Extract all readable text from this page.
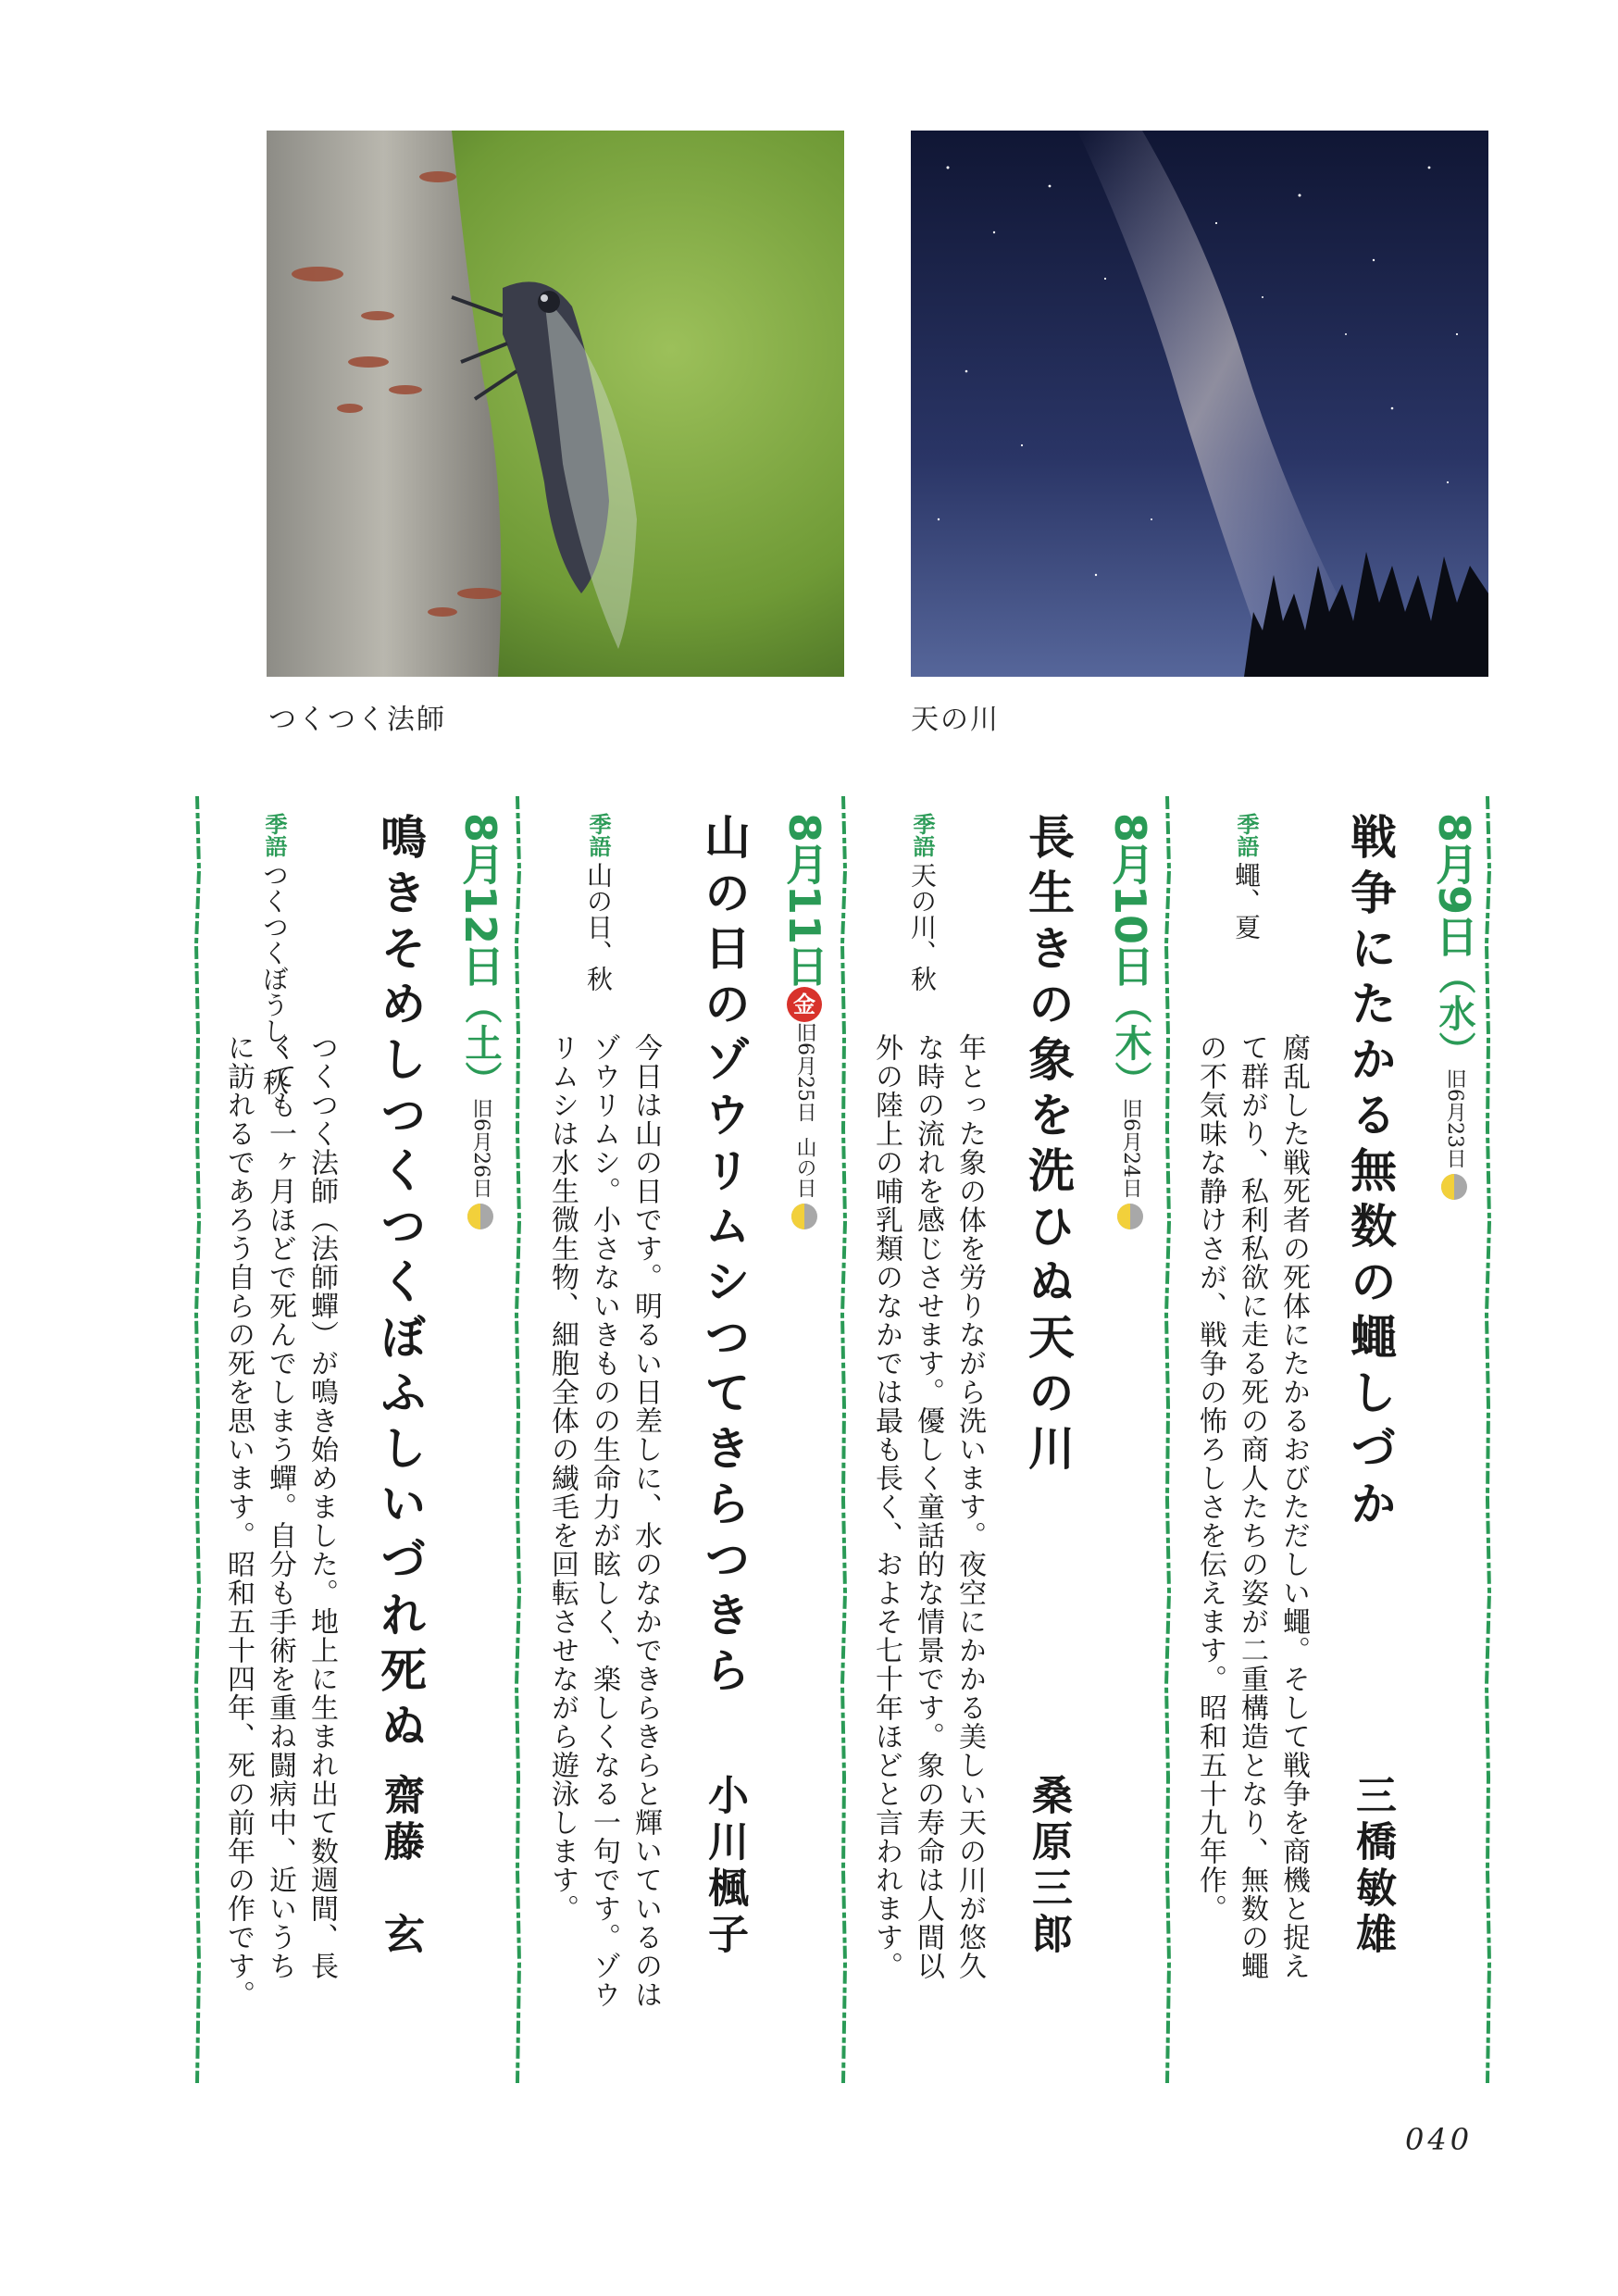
つくつく法師	天の川
8月9日（水）旧6月23日
戦争にたかる無数の蠅しづか
三橋敏雄
季語 蠅、夏
腐乱した戦死者の死体にたかるおびただしい蠅。そして戦争を商機と捉え
て群がり、私利私欲に走る死の商人たちの姿が二重構造となり、無数の蠅
の不気味な静けさが、戦争の怖ろしさを伝えます。昭和五十九年作。
8月10日（木）旧6月24日
長生きの象を洗ひぬ天の川
桑原三郎
季語 天の川、秋
年とった象の体を労りながら洗います。夜空にかかる美しい天の川が悠久
な時の流れを感じさせます。優しく童話的な情景です。象の寿命は人間以
外の陸上の哺乳類のなかでは最も長く、およそ七十年ほどと言われます。
8月11日金旧6月25日　山の日
山の日のゾウリムシつてきらつきら
小川楓子
季語 山の日、秋
今日は山の日です。明るい日差しに、水のなかできらきらと輝いているのは
ゾウリムシ。小さないきものの生命力が眩しく、楽しくなる一句です。ゾウ
リムシは水生微生物、細胞全体の繊毛を回転させながら遊泳します。
8月12日（土）旧6月26日
鳴きそめしつくつくぼふしいづれ死ぬ
齋藤　玄
季語 つくつくぼうし、秋
つくつく法師（法師蟬）が鳴き始めました。地上に生まれ出て数週間、長
くても一ヶ月ほどで死んでしまう蟬。自分も手術を重ね闘病中、近いうち
に訪れるであろう自らの死を思います。昭和五十四年、死の前年の作です。
040
